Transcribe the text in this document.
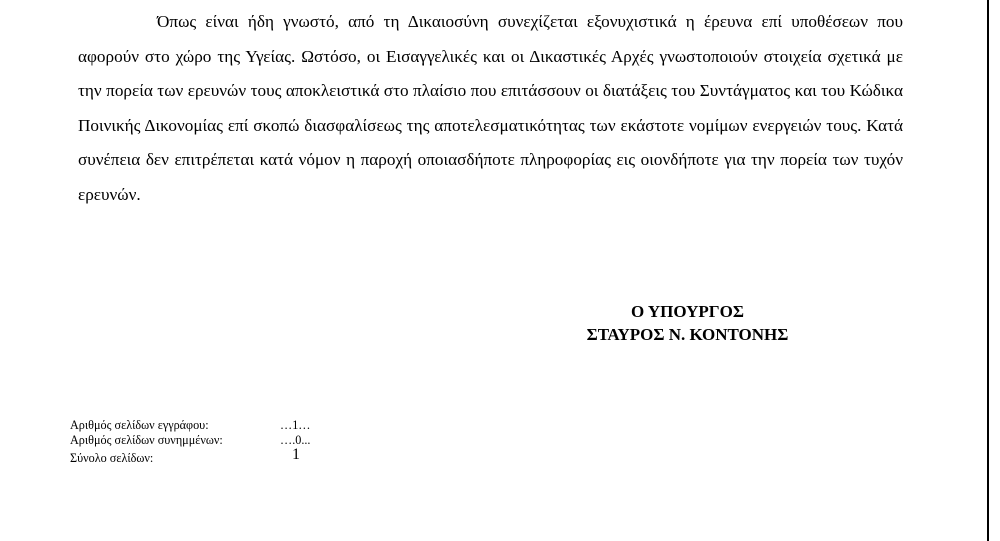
Όπως είναι ήδη γνωστό, από τη Δικαιοσύνη συνεχίζεται εξονυχιστικά η έρευνα επί υποθέσεων που αφορούν στο χώρο της Υγείας. Ωστόσο, οι Εισαγγελικές και οι Δικαστικές Αρχές γνωστοποιούν στοιχεία σχετικά με την πορεία των ερευνών τους αποκλειστικά στο πλαίσιο που επιτάσσουν οι διατάξεις του Συντάγματος και του Κώδικα Ποινικής Δικονομίας επί σκοπώ διασφαλίσεως της αποτελεσματικότητας των εκάστοτε νομίμων ενεργειών τους. Κατά συνέπεια δεν επιτρέπεται κατά νόμον η παροχή οποιασδήποτε πληροφορίας εις οιονδήποτε για την πορεία των τυχόν ερευνών.

Ο ΥΠΟΥΡΓΟΣ
ΣΤΑΥΡΟΣ Ν. ΚΟΝΤΟΝΗΣ
Αριθμός σελίδων εγγράφου:	…1…
Αριθμός σελίδων συνημμένων:	….0...
Σύνολο σελίδων:	1
